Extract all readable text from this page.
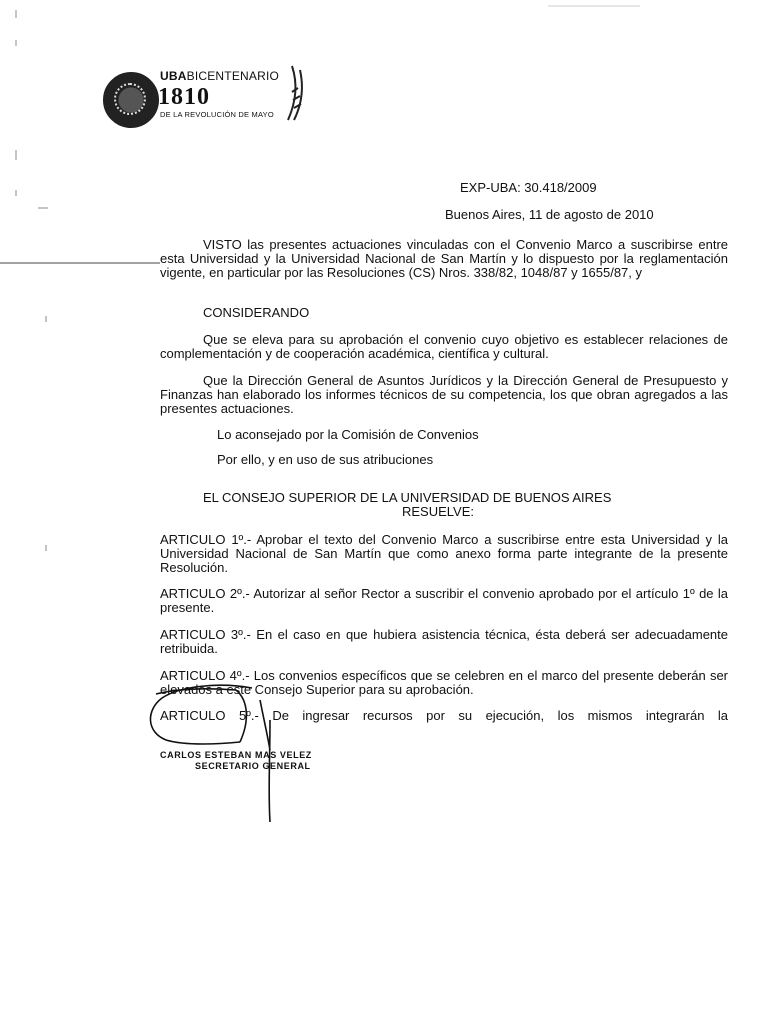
UBABICENTENARIO
1810
DE LA REVOLUCIÓN DE MAYO
EXP-UBA: 30.418/2009
Buenos Aires, 11 de agosto de 2010
VISTO las presentes actuaciones vinculadas con el Convenio Marco a suscribirse entre esta Universidad y la Universidad Nacional de San Martín y lo dispuesto por la reglamentación vigente, en particular por las Resoluciones (CS) Nros. 338/82, 1048/87 y 1655/87, y
CONSIDERANDO
Que se eleva para su aprobación el convenio cuyo objetivo es establecer relaciones de complementación y de cooperación académica, científica y cultural.
Que la Dirección General de Asuntos Jurídicos y la Dirección General de Presupuesto y Finanzas han elaborado los informes técnicos de su competencia, los que obran agregados a las presentes actuaciones.
Lo aconsejado por la Comisión de Convenios
Por ello, y en uso de sus atribuciones
EL CONSEJO SUPERIOR DE LA UNIVERSIDAD DE BUENOS AIRES
RESUELVE:
ARTICULO 1º.- Aprobar el texto del Convenio Marco a suscribirse entre esta Universidad y la Universidad Nacional de San Martín que como anexo forma parte integrante de la presente Resolución.
ARTICULO 2º.- Autorizar al señor Rector a suscribir el convenio aprobado por el artículo 1º de la presente.
ARTICULO 3º.- En el caso en que hubiera asistencia técnica, ésta deberá ser adecuadamente retribuida.
ARTICULO 4º.- Los convenios específicos que se celebren en el marco del presente deberán ser elevados a este Consejo Superior para su aprobación.
ARTICULO 5º.- De ingresar recursos por su ejecución, los mismos integrarán la
CARLOS ESTEBAN MAS VELEZ
SECRETARIO GENERAL
